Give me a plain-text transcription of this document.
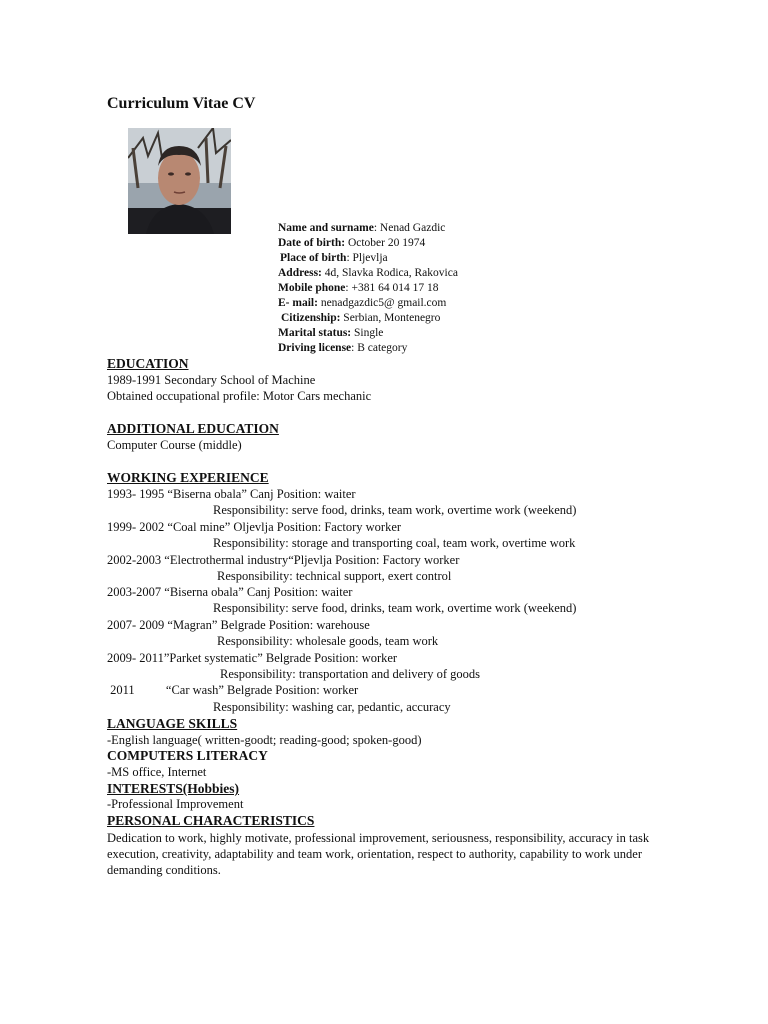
Curriculum Vitae CV
Name and surname: Nenad Gazdic
Date of birth: October 20 1974
Place of birth: Pljevlja
Address: 4d, Slavka Rodica, Rakovica
Mobile phone: +381 64 014 17 18
E- mail: nenadgazdic5@ gmail.com
Citizenship: Serbian, Montenegro
Marital status: Single
Driving license: B category
EDUCATION
1989-1991 Secondary School of Machine
Obtained occupational profile: Motor Cars mechanic
ADDITIONAL EDUCATION
Computer Course (middle)
WORKING EXPERIENCE
1993- 1995 “Biserna obala” Canj Position: waiter
Responsibility: serve food, drinks, team work, overtime work (weekend)
1999- 2002 “Coal mine” Oljevlja Position: Factory worker
Responsibility: storage and transporting coal, team work, overtime work
2002-2003 “Electrothermal industry“Pljevlja Position: Factory worker
Responsibility: technical support, exert control
2003-2007 “Biserna obala” Canj Position: waiter
Responsibility: serve food, drinks, team work, overtime work (weekend)
2007- 2009 “Magran” Belgrade Position: warehouse
Responsibility: wholesale goods, team work
2009- 2011”Parket systematic” Belgrade Position: worker
Responsibility: transportation and delivery of goods
2011          “Car wash” Belgrade Position: worker
Responsibility: washing car, pedantic, accuracy
LANGUAGE SKILLS
-English language( written-goodt; reading-good; spoken-good)
COMPUTERS LITERACY
-MS office, Internet
INTERESTS(Hobbies)
-Professional Improvement
PERSONAL CHARACTERISTICS
Dedication to work, highly motivate, professional improvement, seriousness, responsibility, accuracy in task execution, creativity, adaptability and team work, orientation, respect to authority, capability to work under demanding conditions.
